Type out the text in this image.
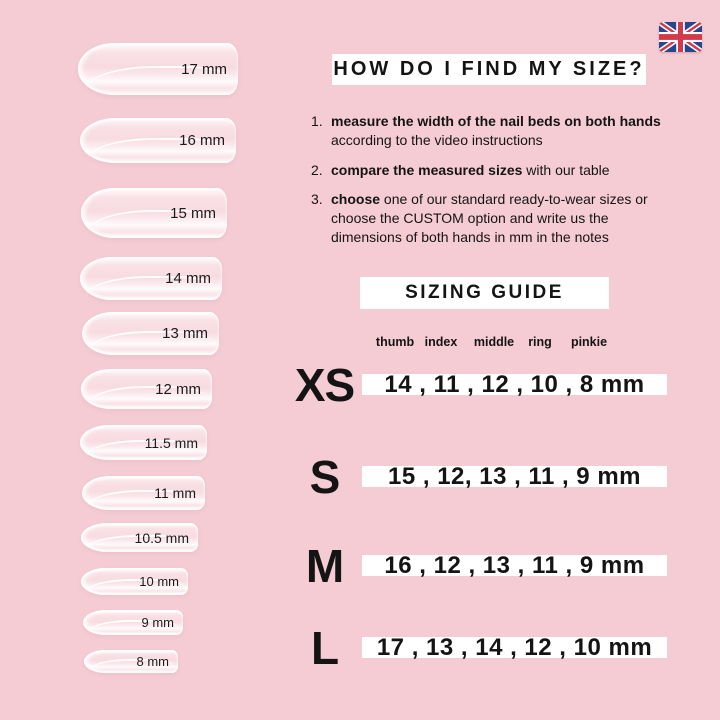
17 mm
16 mm
15 mm
14 mm
13 mm
12 mm
11.5 mm
11 mm
10.5 mm
10 mm
9 mm
8 mm
HOW DO I FIND MY SIZE?
1. measure the width of the nail beds on both hands according to the video instructions

2. compare the measured sizes with our table

3. choose one of our standard ready-to-wear sizes or choose the CUSTOM option and write us the dimensions of both hands in mm in the notes

SIZING GUIDE
thumb index middle ring pinkie
XS	14 , 11 , 12 , 10 , 8 mm
S	15 , 12, 13 , 11 , 9 mm
M	16 , 12 , 13 , 11 , 9 mm
L	17 , 13 , 14 , 12 , 10 mm
